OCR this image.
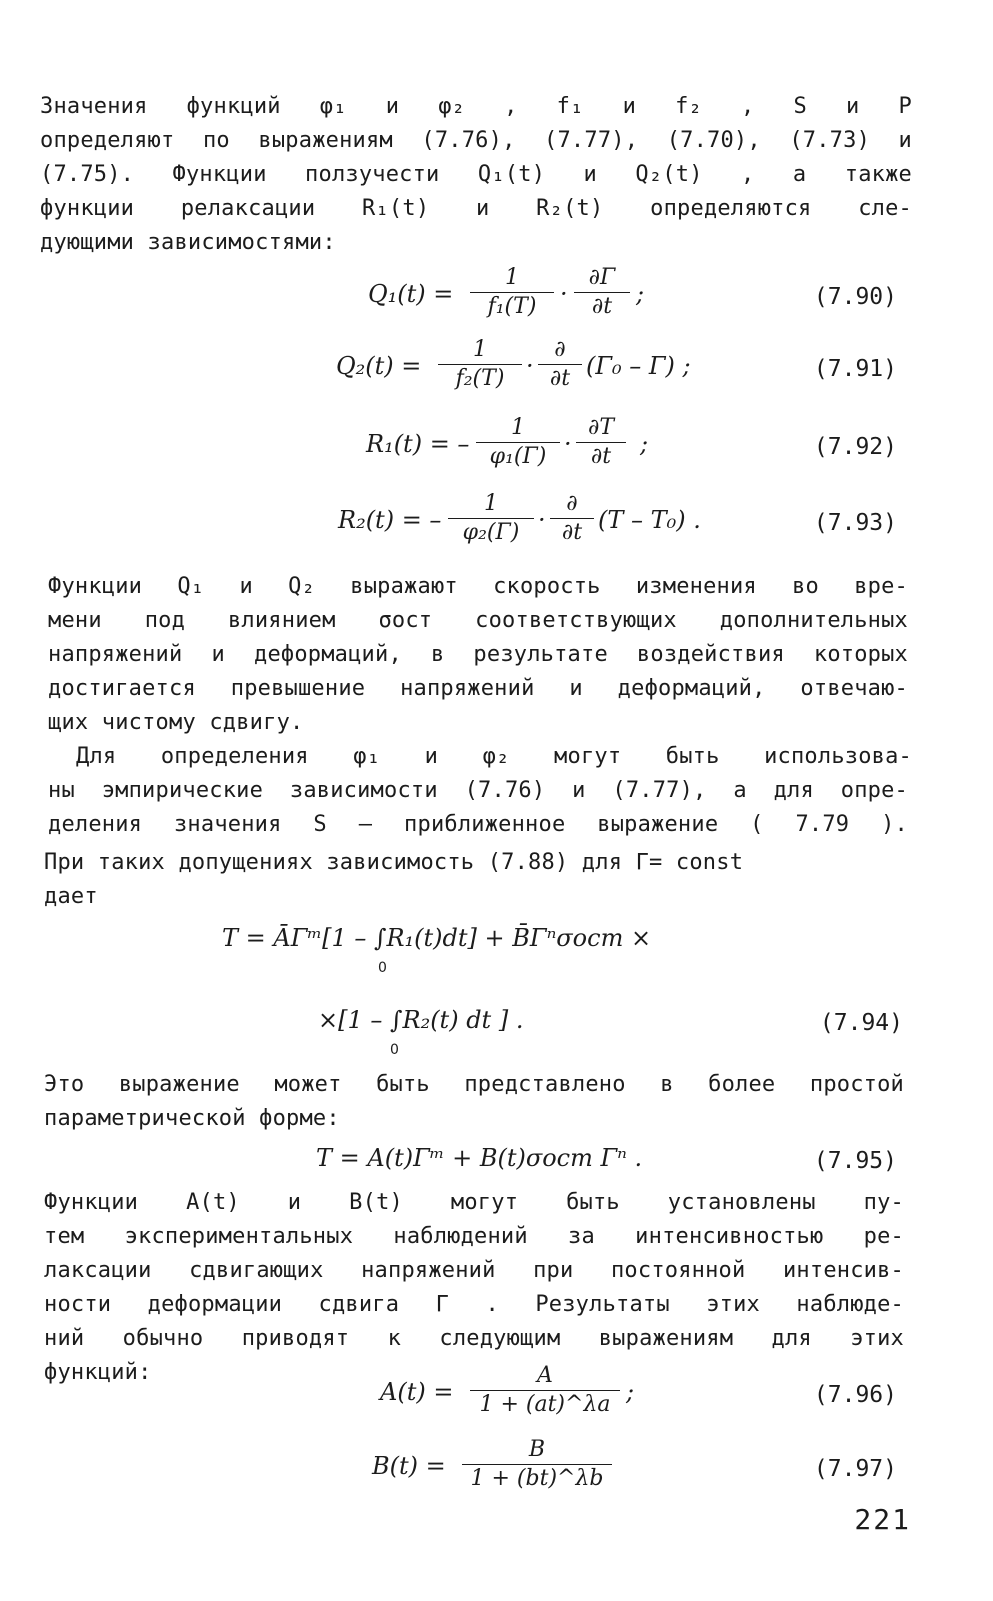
Значения функций φ₁ и φ₂ , f₁ и f₂ , S и P
определяют по выражениям (7.76), (7.77), (7.70), (7.73) и
(7.75). Функции ползучести Q₁(t) и Q₂(t) , а также
функции релаксации R₁(t) и R₂(t) определяются сле-
дующими зависимостями:
$Q_1(t) = \frac{1}{\text{f₁(T)}} \cdot \frac{\partial\Gamma}{\partial t}$ ;	(7.90)
$Q_2(t) = \frac{1}{\text{f₂(T)}}$ ·
∂
∂t (Γ₀ – Γ) ;	(7.91)
R₁(t) = – $\frac{1}{\text{φ₁(Γ)}} \cdot \frac{\partial T}{\partial t}$ ;	(7.92)
R₂(t) = – $\frac{1}{\text{φ₂(Γ)}}$ ·
∂
∂t (T – T₀) .	(7.93)
Функции Q₁ и Q₂ выражают скорость изменения во вре-
мени под влиянием σост соответствующих дополнительных
напряжений и деформаций, в результате воздействия которых
достигается превышение напряжений и деформаций, отвечаю-
щих чистому сдвигу.
Для определения φ₁ и φ₂ могут быть использова-
ны эмпирические зависимости (7.76) и (7.77), а для опре-
деления значения S – приближенное выражение ( 7.79 ).
При таких допущениях зависимость (7.88) для Γ= const
дает
T = ĀΓᵐ[1 – ∫R₁(t)dt] + B̄Γⁿσост ×
0
×[1 – ∫R₂(t) dt ] .
0
(7.94)
Это выражение может быть представлено в более простой
параметрической форме:
T = A(t)Γᵐ + B(t)σост Γⁿ .	(7.95)
Функции A(t) и B(t) могут быть установлены пу-
тем экспериментальных наблюдений за интенсивностью ре-
лаксации сдвигающих напряжений при постоянной интенсив-
ности деформации сдвига Γ . Результаты этих наблюде-
ний обычно приводят к следующим выражениям для этих
функций:
$A(t) = \frac{A}{1 + (at)\^{}\lambda a}$ ;	(7.96)
$B(t) = \frac{B}{1 + (bt)\^{}\lambda b}$	(7.97)
221
